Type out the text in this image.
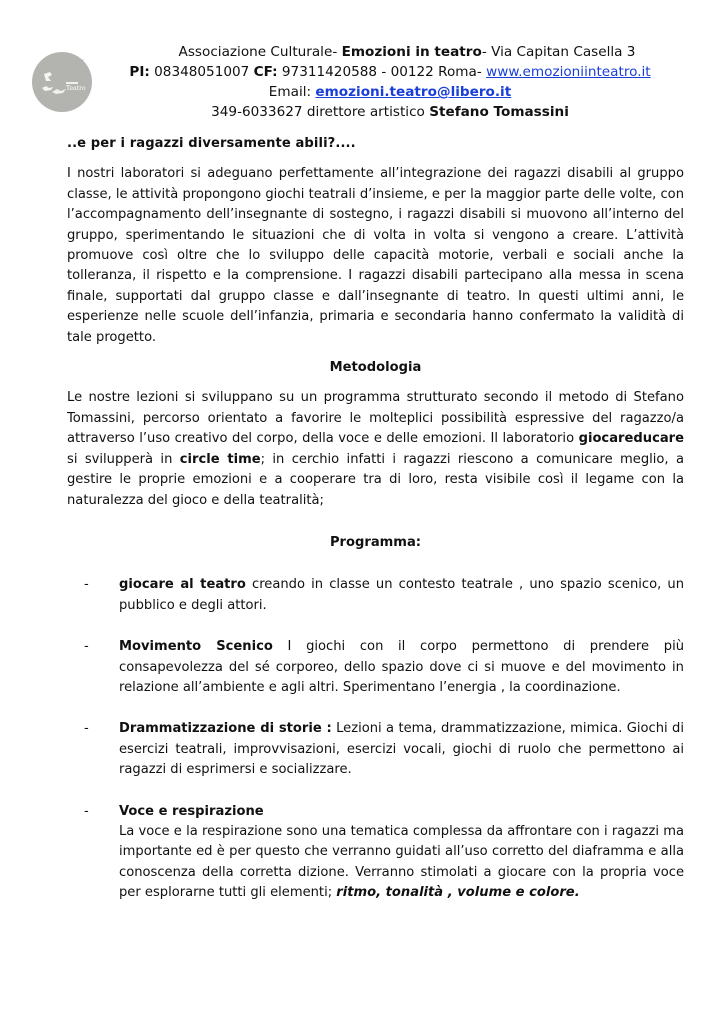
Teatro
Associazione Culturale- Emozioni in teatro- Via Capitan Casella 3
PI: 08348051007 CF: 97311420588 - 00122 Roma- www.emozioniinteatro.it
Email: emozioni.teatro@libero.it
349-6033627 direttore artistico Stefano Tomassini
..e per i ragazzi diversamente abili?....

I nostri laboratori si adeguano perfettamente all’integrazione dei ragazzi disabili al gruppo classe, le attività propongono giochi teatrali d’insieme, e per la maggior parte delle volte, con l’accompagnamento dell’insegnante di sostegno, i ragazzi disabili si muovono all’interno del gruppo, sperimentando le situazioni che di volta in volta si vengono a creare. L’attività promuove così oltre che lo sviluppo delle capacità motorie, verbali e sociali anche la tolleranza, il rispetto e la comprensione. I ragazzi disabili partecipano alla messa in scena finale, supportati dal gruppo classe e dall’insegnante di teatro. In questi ultimi anni, le esperienze nelle scuole dell’infanzia, primaria e secondaria hanno confermato la validità di tale progetto.

Metodologia

Le nostre lezioni si sviluppano su un programma strutturato secondo il metodo di Stefano Tomassini, percorso orientato a favorire le molteplici possibilità espressive del ragazzo/a attraverso l’uso creativo del corpo, della voce e delle emozioni. Il laboratorio giocareducare si svilupperà in circle time; in cerchio infatti i ragazzi riescono a comunicare meglio, a gestire le proprie emozioni e a cooperare tra di loro, resta visibile così il legame con la naturalezza del gioco e della teatralità;

Programma:
- giocare al teatro creando in classe un contesto teatrale , uno spazio scenico, un pubblico e degli attori.
- Movimento Scenico I giochi con il corpo permettono di prendere più consapevolezza del sé corporeo, dello spazio dove ci si muove e del movimento in relazione all’ambiente e agli altri. Sperimentano l’energia , la coordinazione.
- Drammatizzazione di storie : Lezioni a tema, drammatizzazione, mimica. Giochi di esercizi teatrali, improvvisazioni, esercizi vocali, giochi di ruolo che permettono ai ragazzi di esprimersi e socializzare.
- Voce e respirazione
La voce e la respirazione sono una tematica complessa da affrontare con i ragazzi ma importante ed è per questo che verranno guidati all’uso corretto del diaframma e alla conoscenza della corretta dizione. Verranno stimolati a giocare con la propria voce per esplorarne tutti gli elementi; ritmo, tonalità , volume e colore.
